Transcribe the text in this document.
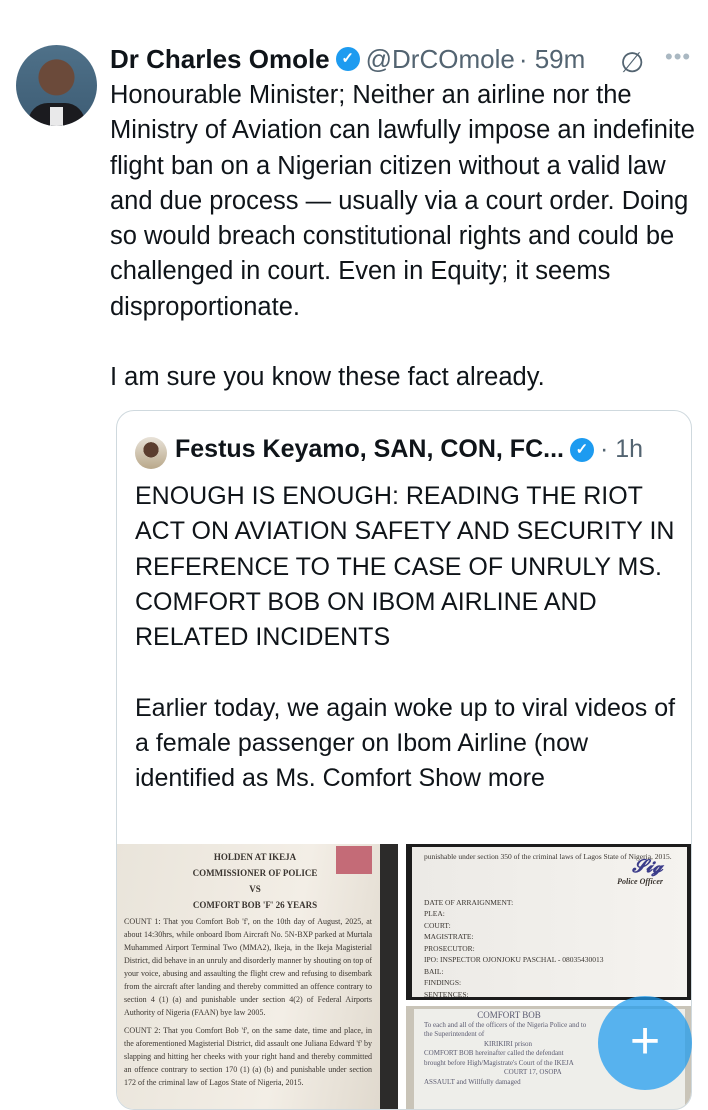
Dr Charles Omole ✓ @DrCOmole · 59m ∅ •••
Honourable Minister; Neither an airline nor the Ministry of Aviation can lawfully impose an indefinite flight ban on a Nigerian citizen without a valid law and due process — usually via a court order. Doing so would breach constitutional rights and could be challenged in court. Even in Equity; it seems disproportionate.

I am sure you know these fact already.
Festus Keyamo, SAN, CON, FC... ✓ · 1h
ENOUGH IS ENOUGH: READING THE RIOT ACT ON AVIATION SAFETY AND SECURITY IN REFERENCE TO THE CASE OF UNRULY MS. COMFORT BOB ON IBOM AIRLINE AND RELATED INCIDENTS

Earlier today, we again woke up to viral videos of a female passenger on Ibom Airline (now identified as Ms. Comfort Show more
HOLDEN AT IKEJA
COMMISSIONER OF POLICE
VS
COMFORT BOB 'F' 26 YEARS

COUNT 1: That you Comfort Bob 'f', on the 10th day of August, 2025, at about 14:30hrs, while onboard Ibom Aircraft No. 5N-BXP parked at Murtala Muhammed Airport Terminal Two (MMA2), Ikeja, in the Ikeja Magisterial District, did behave in an unruly and disorderly manner by shouting on top of your voice, abusing and assaulting the flight crew and refusing to disembark from the aircraft after landing and thereby committed an offence contrary to section 4 (1) (a) and punishable under section 4(2) of Federal Airports Authority of Nigeria (FAAN) bye law 2005.

COUNT 2: That you Comfort Bob 'f', on the same date, time and place, in the aforementioned Magisterial District, did assault one Juliana Edward 'f' by slapping and hitting her cheeks with your right hand and thereby committed an offence contrary to section 170 (1) (a) (b) and punishable under section 172 of the criminal law of Lagos State of Nigeria, 2015.

punishable under section 350 of the criminal laws of Lagos State of Nigeria, 2015.
𝓢𝓲𝓰
Police Officer
DATE OF ARRAIGNMENT:
PLEA:
COURT:
MAGISTRATE:
PROSECUTOR:
IPO: INSPECTOR OJONJOKU PASCHAL - 08035430013
BAIL:
FINDINGS:
SENTENCES:
COMFORT BOB
To each and all of the officers of the Nigeria Police and to the Superintendent of
KIRIKIRI prison
COMFORT BOB hereinafter called the defendant
brought before High/Magistrate's Court of the IKEJA
COURT 17, OSOPA
ASSAULT and Willfully damaged
+
